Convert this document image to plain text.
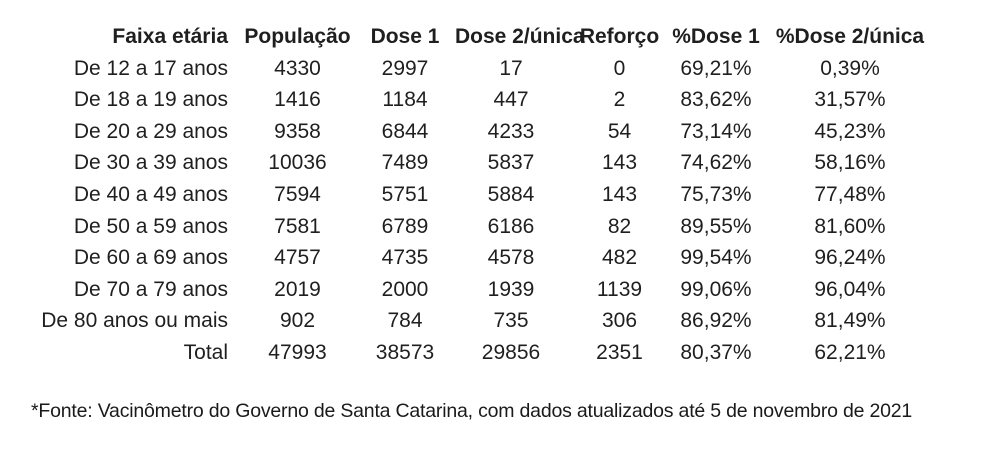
Faixa etária	População	Dose 1	Dose 2/única	Reforço	%Dose 1	%Dose 2/única
De 12 a 17 anos	4330	2997	17	0	69,21%	0,39%
De 18 a 19 anos	1416	1184	447	2	83,62%	31,57%
De 20 a 29 anos	9358	6844	4233	54	73,14%	45,23%
De 30 a 39 anos	10036	7489	5837	143	74,62%	58,16%
De 40 a 49 anos	7594	5751	5884	143	75,73%	77,48%
De 50 a 59 anos	7581	6789	6186	82	89,55%	81,60%
De 60 a 69 anos	4757	4735	4578	482	99,54%	96,24%
De 70 a 79 anos	2019	2000	1939	1139	99,06%	96,04%
De 80 anos ou mais	902	784	735	306	86,92%	81,49%
Total	47993	38573	29856	2351	80,37%	62,21%

*Fonte: Vacinômetro do Governo de Santa Catarina, com dados atualizados até 5 de novembro de 2021
